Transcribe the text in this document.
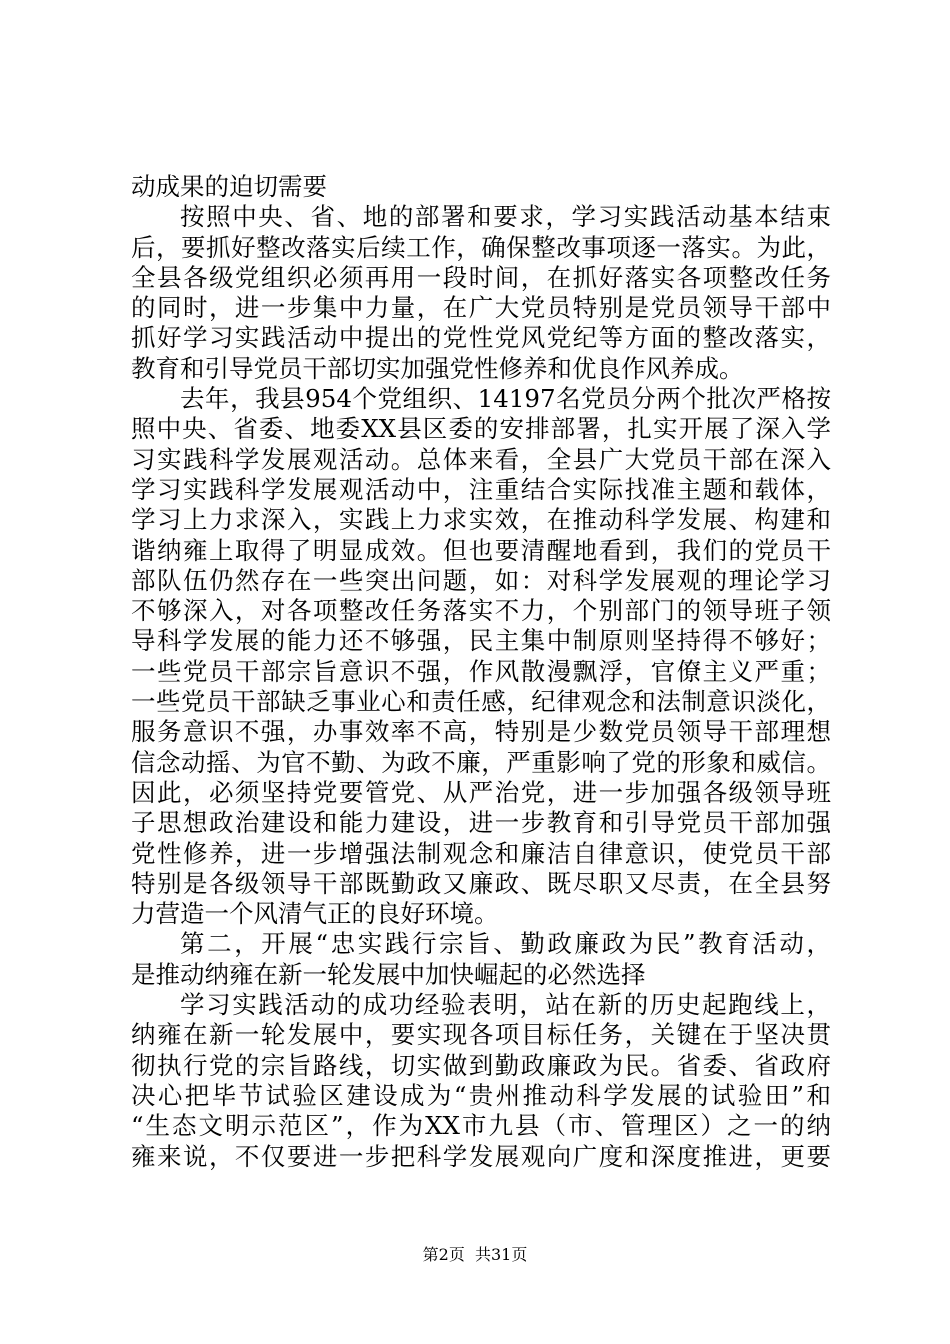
动成果的迫切需要
按照中央、省、地的部署和要求，学习实践活动基本结束
后，要抓好整改落实后续工作，确保整改事项逐一落实。为此，
全县各级党组织必须再用一段时间，在抓好落实各项整改任务
的同时，进一步集中力量，在广大党员特别是党员领导干部中
抓好学习实践活动中提出的党性党风党纪等方面的整改落实，
教育和引导党员干部切实加强党性修养和优良作风养成。
去年，我县954个党组织、14197名党员分两个批次严格按
照中央、省委、地委XX县区委的安排部署，扎实开展了深入学
习实践科学发展观活动。总体来看，全县广大党员干部在深入
学习实践科学发展观活动中，注重结合实际找准主题和载体，
学习上力求深入，实践上力求实效，在推动科学发展、构建和
谐纳雍上取得了明显成效。但也要清醒地看到，我们的党员干
部队伍仍然存在一些突出问题，如：对科学发展观的理论学习
不够深入，对各项整改任务落实不力，个别部门的领导班子领
导科学发展的能力还不够强，民主集中制原则坚持得不够好；
一些党员干部宗旨意识不强，作风散漫飘浮，官僚主义严重；
一些党员干部缺乏事业心和责任感，纪律观念和法制意识淡化，
服务意识不强，办事效率不高，特别是少数党员领导干部理想
信念动摇、为官不勤、为政不廉，严重影响了党的形象和威信。
因此，必须坚持党要管党、从严治党，进一步加强各级领导班
子思想政治建设和能力建设，进一步教育和引导党员干部加强
党性修养，进一步增强法制观念和廉洁自律意识，使党员干部
特别是各级领导干部既勤政又廉政、既尽职又尽责，在全县努
力营造一个风清气正的良好环境。
第二，开展“忠实践行宗旨、勤政廉政为民”教育活动，
是推动纳雍在新一轮发展中加快崛起的必然选择
学习实践活动的成功经验表明，站在新的历史起跑线上，
纳雍在新一轮发展中，要实现各项目标任务，关键在于坚决贯
彻执行党的宗旨路线，切实做到勤政廉政为民。省委、省政府
决心把毕节试验区建设成为“贵州推动科学发展的试验田”和
“生态文明示范区”，作为XX市九县（市、管理区）之一的纳
雍来说，不仅要进一步把科学发展观向广度和深度推进，更要
第2页  共31页
